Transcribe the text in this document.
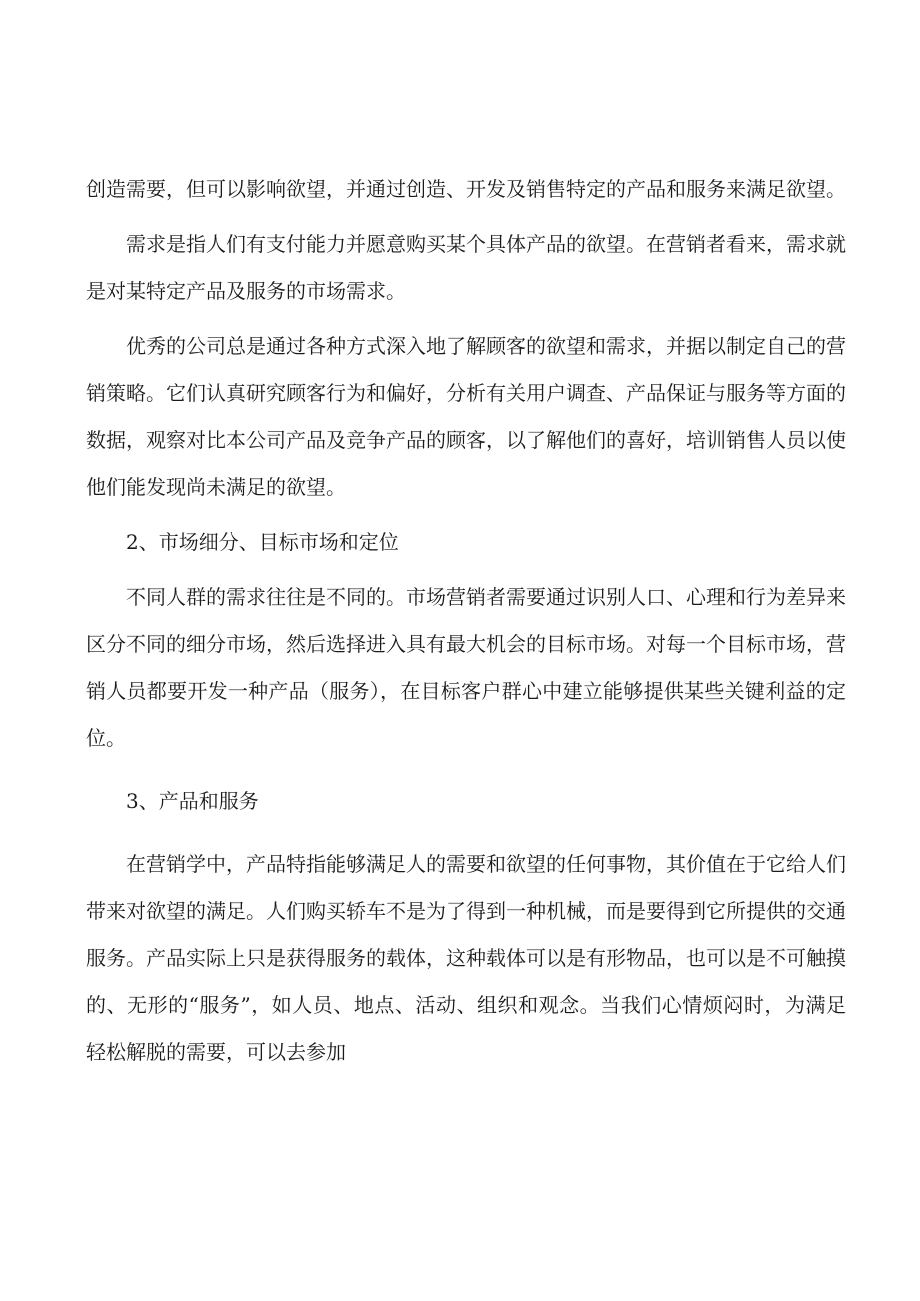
创造需要，但可以影响欲望，并通过创造、开发及销售特定的产品和服务来满足欲望。

需求是指人们有支付能力并愿意购买某个具体产品的欲望。在营销者看来，需求就是对某特定产品及服务的市场需求。

优秀的公司总是通过各种方式深入地了解顾客的欲望和需求，并据以制定自己的营销策略。它们认真研究顾客行为和偏好，分析有关用户调查、产品保证与服务等方面的数据，观察对比本公司产品及竞争产品的顾客，以了解他们的喜好，培训销售人员以使他们能发现尚未满足的欲望。

2、市场细分、目标市场和定位

不同人群的需求往往是不同的。市场营销者需要通过识别人口、心理和行为差异来区分不同的细分市场，然后选择进入具有最大机会的目标市场。对每一个目标市场，营销人员都要开发一种产品（服务），在目标客户群心中建立能够提供某些关键利益的定位。

3、产品和服务

在营销学中，产品特指能够满足人的需要和欲望的任何事物，其价值在于它给人们带来对欲望的满足。人们购买轿车不是为了得到一种机械，而是要得到它所提供的交通服务。产品实际上只是获得服务的载体，这种载体可以是有形物品，也可以是不可触摸的、无形的“服务”，如人员、地点、活动、组织和观念。当我们心情烦闷时，为满足轻松解脱的需要，可以去参加
